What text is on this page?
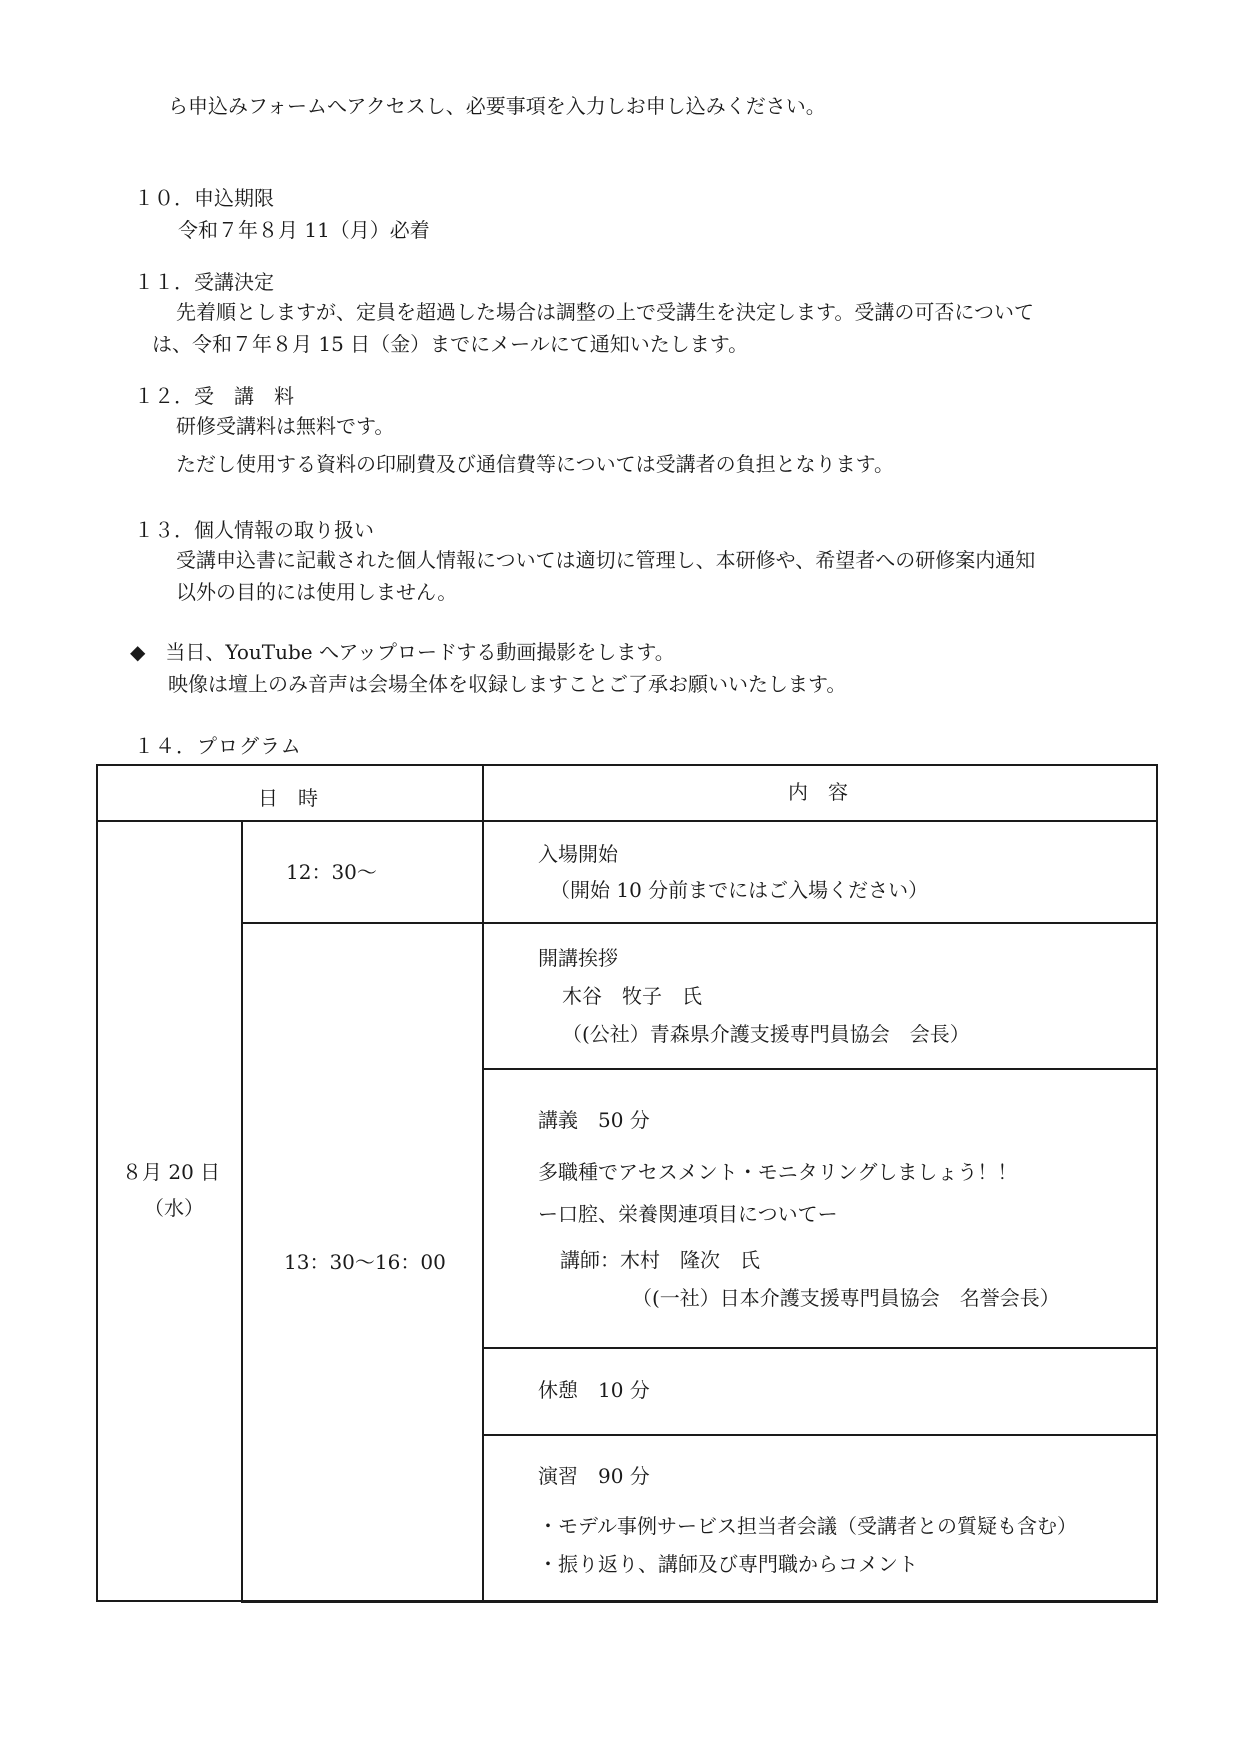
ら申込みフォームへアクセスし、必要事項を入力しお申し込みください。
１０．申込期限
令和７年８月 11（月）必着
１１．受講決定
先着順としますが、定員を超過した場合は調整の上で受講生を決定します。受講の可否について
は、令和７年８月 15 日（金）までにメールにて通知いたします。
１２．受　講　料
研修受講料は無料です。
ただし使用する資料の印刷費及び通信費等については受講者の負担となります。
１３．個人情報の取り扱い
受講申込書に記載された個人情報については適切に管理し、本研修や、希望者への研修案内通知
以外の目的には使用しません。
◆　当日、YouTube へアップロードする動画撮影をします。
映像は壇上のみ音声は会場全体を収録しますことご了承お願いいたします。
１４．プログラム
日　時	内　容
８月 20 日
（水）
12：30～
13：30～16：00
入場開始
（開始 10 分前までにはご入場ください）
開講挨拶
木谷　牧子　氏
（(公社）青森県介護支援専門員協会　会長）
講義　50 分
多職種でアセスメント・モニタリングしましょう！！
ー口腔、栄養関連項目についてー
講師：木村　隆次　氏
（(一社）日本介護支援専門員協会　名誉会長）
休憩　10 分
演習　90 分
・モデル事例サービス担当者会議（受講者との質疑も含む）
・振り返り、講師及び専門職からコメント
